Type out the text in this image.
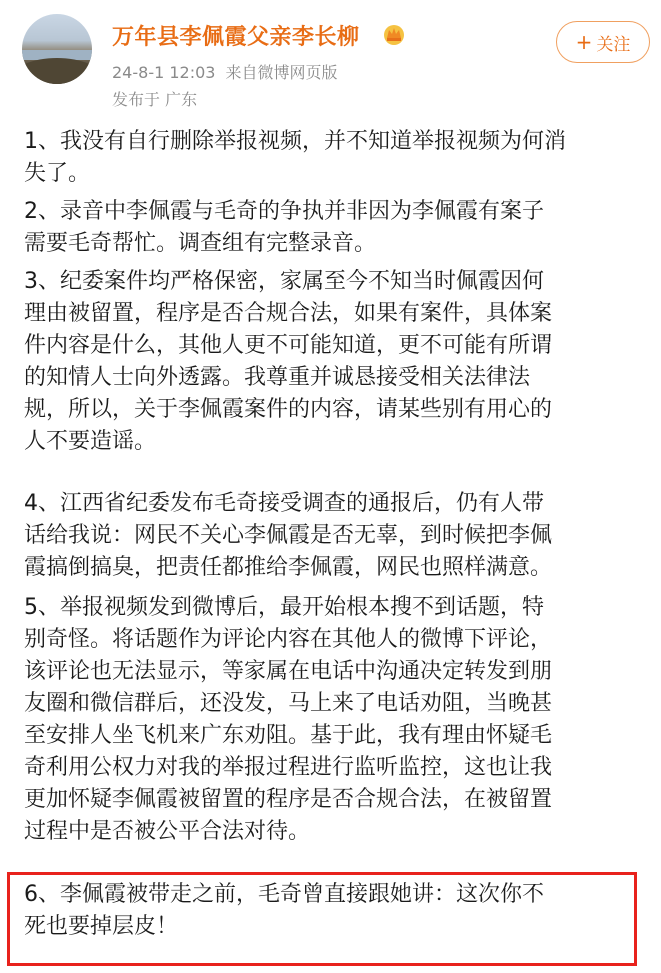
万年县李佩霞父亲李长柳
24-8-1 12:03 来自微博网页版
发布于 广东
+ 关注
1、我没有自行删除举报视频，并不知道举报视频为何消
失了。
2、录音中李佩霞与毛奇的争执并非因为李佩霞有案子
需要毛奇帮忙。调查组有完整录音。
3、纪委案件均严格保密，家属至今不知当时佩霞因何
理由被留置，程序是否合规合法，如果有案件，具体案
件内容是什么，其他人更不可能知道，更不可能有所谓
的知情人士向外透露。我尊重并诚恳接受相关法律法
规，所以，关于李佩霞案件的内容，请某些别有用心的
人不要造谣。
4、江西省纪委发布毛奇接受调查的通报后，仍有人带
话给我说：网民不关心李佩霞是否无辜，到时候把李佩
霞搞倒搞臭，把责任都推给李佩霞，网民也照样满意。
5、举报视频发到微博后，最开始根本搜不到话题，特
别奇怪。将话题作为评论内容在其他人的微博下评论，
该评论也无法显示，等家属在电话中沟通决定转发到朋
友圈和微信群后，还没发，马上来了电话劝阻，当晚甚
至安排人坐飞机来广东劝阻。基于此，我有理由怀疑毛
奇利用公权力对我的举报过程进行监听监控，这也让我
更加怀疑李佩霞被留置的程序是否合规合法，在被留置
过程中是否被公平合法对待。
6、李佩霞被带走之前，毛奇曾直接跟她讲：这次你不
死也要掉层皮！
